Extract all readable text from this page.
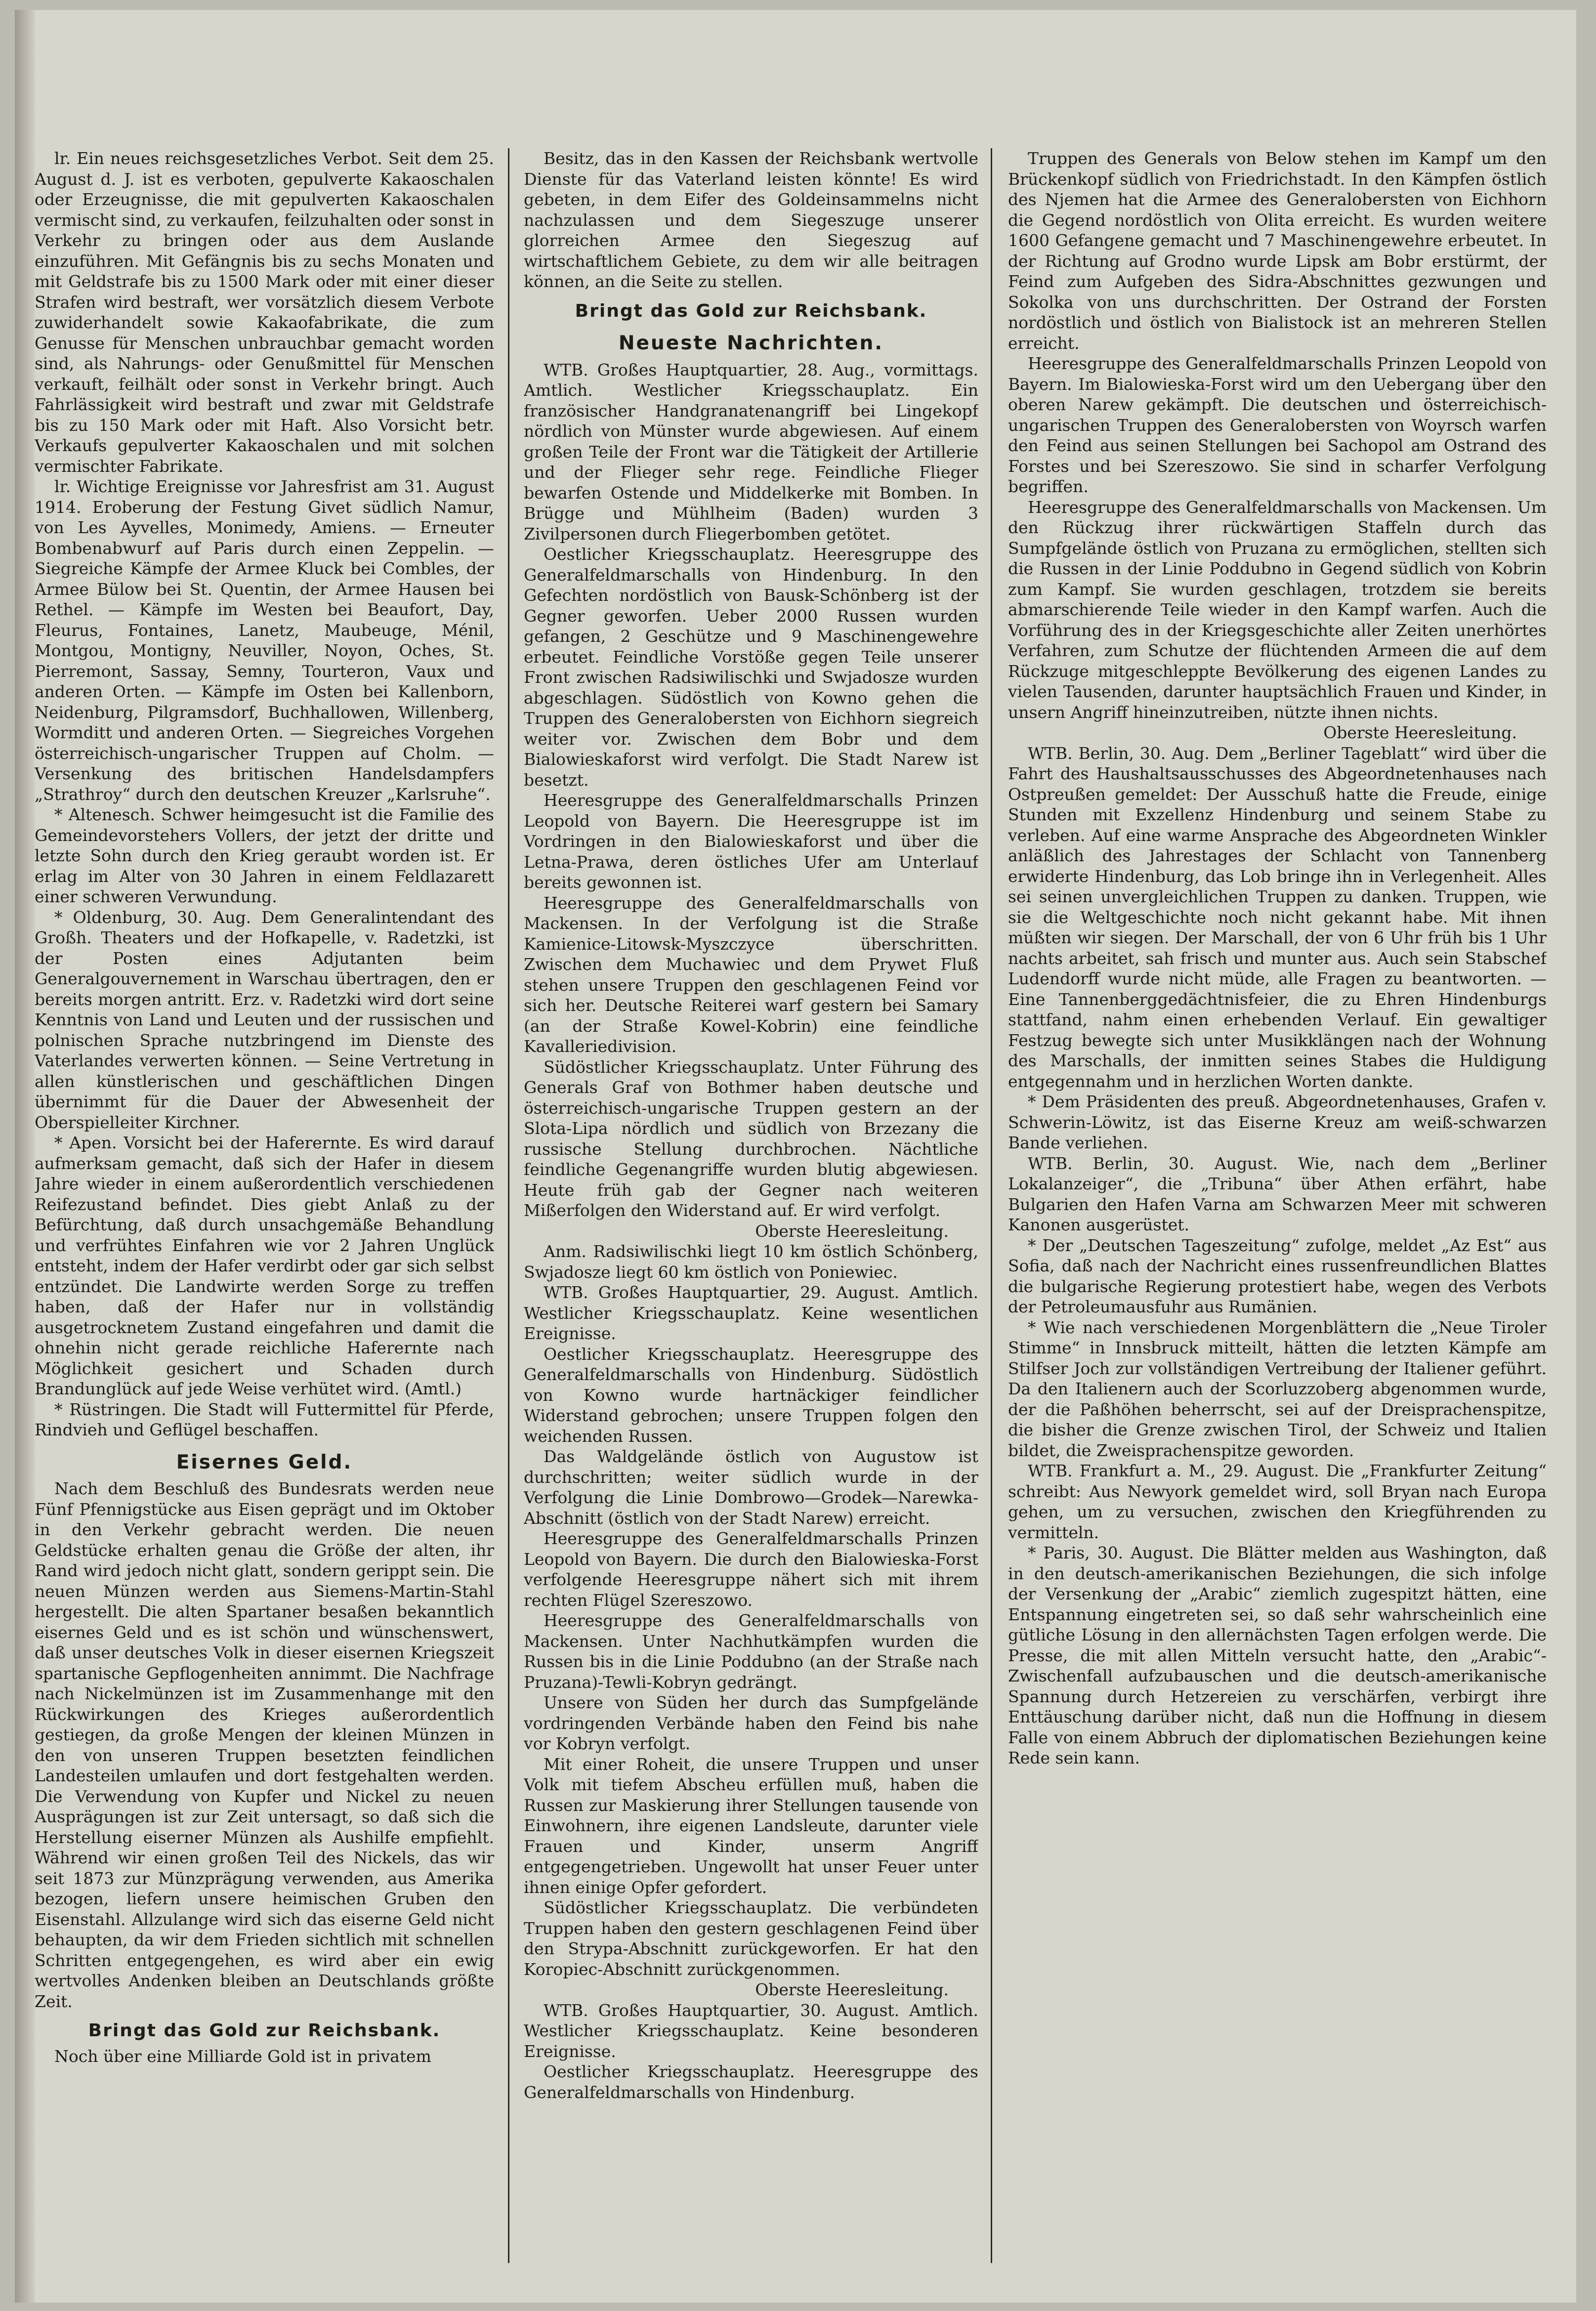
lr. Ein neues reichsgesetzliches Verbot. Seit dem 25. August d. J. ist es verboten, gepulverte Kakaoschalen oder Erzeugnisse, die mit gepulverten Kakaoschalen vermischt sind, zu verkaufen, feilzuhalten oder sonst in Verkehr zu bringen oder aus dem Auslande einzuführen. Mit Gefängnis bis zu sechs Monaten und mit Geldstrafe bis zu 1500 Mark oder mit einer dieser Strafen wird bestraft, wer vorsätzlich diesem Verbote zuwiderhandelt sowie Kakaofabrikate, die zum Genusse für Menschen unbrauchbar gemacht worden sind, als Nahrungs- oder Genußmittel für Menschen verkauft, feilhält oder sonst in Verkehr bringt. Auch Fahrlässigkeit wird bestraft und zwar mit Geldstrafe bis zu 150 Mark oder mit Haft. Also Vorsicht betr. Verkaufs gepulverter Kakaoschalen und mit solchen vermischter Fabrikate.

lr. Wichtige Ereignisse vor Jahresfrist am 31. August 1914. Eroberung der Festung Givet südlich Namur, von Les Ayvelles, Monimedy, Amiens. — Erneuter Bombenabwurf auf Paris durch einen Zeppelin. — Siegreiche Kämpfe der Armee Kluck bei Combles, der Armee Bülow bei St. Quentin, der Armee Hausen bei Rethel. — Kämpfe im Westen bei Beaufort, Day, Fleurus, Fontaines, Lanetz, Maubeuge, Ménil, Montgou, Montigny, Neuviller, Noyon, Oches, St. Pierremont, Sassay, Semny, Tourteron, Vaux und anderen Orten. — Kämpfe im Osten bei Kallenborn, Neidenburg, Pilgramsdorf, Buchhallowen, Willenberg, Wormditt und anderen Orten. — Siegreiches Vorgehen österreichisch-ungarischer Truppen auf Cholm. — Versenkung des britischen Handelsdampfers „Strathroy“ durch den deutschen Kreuzer „Karlsruhe“.

* Altenesch. Schwer heimgesucht ist die Familie des Gemeindevorstehers Vollers, der jetzt der dritte und letzte Sohn durch den Krieg geraubt worden ist. Er erlag im Alter von 30 Jahren in einem Feldlazarett einer schweren Verwundung.

* Oldenburg, 30. Aug. Dem Generalintendant des Großh. Theaters und der Hofkapelle, v. Radetzki, ist der Posten eines Adjutanten beim Generalgouvernement in Warschau übertragen, den er bereits morgen antritt. Erz. v. Radetzki wird dort seine Kenntnis von Land und Leuten und der russischen und polnischen Sprache nutzbringend im Dienste des Vaterlandes verwerten können. — Seine Vertretung in allen künstlerischen und geschäftlichen Dingen übernimmt für die Dauer der Abwesenheit der Oberspielleiter Kirchner.

* Apen. Vorsicht bei der Haferernte. Es wird darauf aufmerksam gemacht, daß sich der Hafer in diesem Jahre wieder in einem außerordentlich verschiedenen Reifezustand befindet. Dies giebt Anlaß zu der Befürchtung, daß durch unsachgemäße Behandlung und verfrühtes Einfahren wie vor 2 Jahren Unglück entsteht, indem der Hafer verdirbt oder gar sich selbst entzündet. Die Landwirte werden Sorge zu treffen haben, daß der Hafer nur in vollständig ausgetrocknetem Zustand eingefahren und damit die ohnehin nicht gerade reichliche Haferernte nach Möglichkeit gesichert und Schaden durch Brandunglück auf jede Weise verhütet wird. (Amtl.)

* Rüstringen. Die Stadt will Futtermittel für Pferde, Rindvieh und Geflügel beschaffen.

Eisernes Geld.

Nach dem Beschluß des Bundesrats werden neue Fünf Pfennigstücke aus Eisen geprägt und im Oktober in den Verkehr gebracht werden. Die neuen Geldstücke erhalten genau die Größe der alten, ihr Rand wird jedoch nicht glatt, sondern gerippt sein. Die neuen Münzen werden aus Siemens-Martin-Stahl hergestellt. Die alten Spartaner besaßen bekanntlich eisernes Geld und es ist schön und wünschenswert, daß unser deutsches Volk in dieser eisernen Kriegszeit spartanische Gepflogenheiten annimmt. Die Nachfrage nach Nickelmünzen ist im Zusammenhange mit den Rückwirkungen des Krieges außerordentlich gestiegen, da große Mengen der kleinen Münzen in den von unseren Truppen besetzten feindlichen Landesteilen umlaufen und dort festgehalten werden. Die Verwendung von Kupfer und Nickel zu neuen Ausprägungen ist zur Zeit untersagt, so daß sich die Herstellung eiserner Münzen als Aushilfe empfiehlt. Während wir einen großen Teil des Nickels, das wir seit 1873 zur Münzprägung verwenden, aus Amerika bezogen, liefern unsere heimischen Gruben den Eisenstahl. Allzulange wird sich das eiserne Geld nicht behaupten, da wir dem Frieden sichtlich mit schnellen Schritten entgegengehen, es wird aber ein ewig wertvolles Andenken bleiben an Deutschlands größte Zeit.

Bringt das Gold zur Reichsbank.

Noch über eine Milliarde Gold ist in privatem

Besitz, das in den Kassen der Reichsbank wertvolle Dienste für das Vaterland leisten könnte! Es wird gebeten, in dem Eifer des Goldeinsammelns nicht nachzulassen und dem Siegeszuge unserer glorreichen Armee den Siegeszug auf wirtschaftlichem Gebiete, zu dem wir alle beitragen können, an die Seite zu stellen.

Bringt das Gold zur Reichsbank.
Neueste Nachrichten.

WTB. Großes Hauptquartier, 28. Aug., vormittags. Amtlich. Westlicher Kriegsschauplatz. Ein französischer Handgranatenangriff bei Lingekopf nördlich von Münster wurde abgewiesen. Auf einem großen Teile der Front war die Tätigkeit der Artillerie und der Flieger sehr rege. Feindliche Flieger bewarfen Ostende und Middelkerke mit Bomben. In Brügge und Mühlheim (Baden) wurden 3 Zivilpersonen durch Fliegerbomben getötet.

Oestlicher Kriegsschauplatz. Heeresgruppe des Generalfeldmarschalls von Hindenburg. In den Gefechten nordöstlich von Bausk-Schönberg ist der Gegner geworfen. Ueber 2000 Russen wurden gefangen, 2 Geschütze und 9 Maschinengewehre erbeutet. Feindliche Vorstöße gegen Teile unserer Front zwischen Radsiwilischki und Swjadosze wurden abgeschlagen. Südöstlich von Kowno gehen die Truppen des Generalobersten von Eichhorn siegreich weiter vor. Zwischen dem Bobr und dem Bialowieskaforst wird verfolgt. Die Stadt Narew ist besetzt.

Heeresgruppe des Generalfeldmarschalls Prinzen Leopold von Bayern. Die Heeresgruppe ist im Vordringen in den Bialowieskaforst und über die Letna-Prawa, deren östliches Ufer am Unterlauf bereits gewonnen ist.

Heeresgruppe des Generalfeldmarschalls von Mackensen. In der Verfolgung ist die Straße Kamienice-Litowsk-Myszczyce überschritten. Zwischen dem Muchawiec und dem Prywet Fluß stehen unsere Truppen den geschlagenen Feind vor sich her. Deutsche Reiterei warf gestern bei Samary (an der Straße Kowel-Kobrin) eine feindliche Kavalleriedivision.

Südöstlicher Kriegsschauplatz. Unter Führung des Generals Graf von Bothmer haben deutsche und österreichisch-ungarische Truppen gestern an der Slota-Lipa nördlich und südlich von Brzezany die russische Stellung durchbrochen. Nächtliche feindliche Gegenangriffe wurden blutig abgewiesen. Heute früh gab der Gegner nach weiteren Mißerfolgen den Widerstand auf. Er wird verfolgt.

Oberste Heeresleitung.

Anm. Radsiwilischki liegt 10 km östlich Schönberg, Swjadosze liegt 60 km östlich von Poniewiec.

WTB. Großes Hauptquartier, 29. August. Amtlich. Westlicher Kriegsschauplatz. Keine wesentlichen Ereignisse.

Oestlicher Kriegsschauplatz. Heeresgruppe des Generalfeldmarschalls von Hindenburg. Südöstlich von Kowno wurde hartnäckiger feindlicher Widerstand gebrochen; unsere Truppen folgen den weichenden Russen.

Das Waldgelände östlich von Augustow ist durchschritten; weiter südlich wurde in der Verfolgung die Linie Dombrowo—Grodek—Narewka-Abschnitt (östlich von der Stadt Narew) erreicht.

Heeresgruppe des Generalfeldmarschalls Prinzen Leopold von Bayern. Die durch den Bialowieska-Forst verfolgende Heeresgruppe nähert sich mit ihrem rechten Flügel Szereszowo.

Heeresgruppe des Generalfeldmarschalls von Mackensen. Unter Nachhutkämpfen wurden die Russen bis in die Linie Poddubno (an der Straße nach Pruzana)-Tewli-Kobryn gedrängt.

Unsere von Süden her durch das Sumpfgelände vordringenden Verbände haben den Feind bis nahe vor Kobryn verfolgt.

Mit einer Roheit, die unsere Truppen und unser Volk mit tiefem Abscheu erfüllen muß, haben die Russen zur Maskierung ihrer Stellungen tausende von Einwohnern, ihre eigenen Landsleute, darunter viele Frauen und Kinder, unserm Angriff entgegengetrieben. Ungewollt hat unser Feuer unter ihnen einige Opfer gefordert.

Südöstlicher Kriegsschauplatz. Die verbündeten Truppen haben den gestern geschlagenen Feind über den Strypa-Abschnitt zurückgeworfen. Er hat den Koropiec-Abschnitt zurückgenommen.

Oberste Heeresleitung.

WTB. Großes Hauptquartier, 30. August. Amtlich. Westlicher Kriegsschauplatz. Keine besonderen Ereignisse.

Oestlicher Kriegsschauplatz. Heeresgruppe des Generalfeldmarschalls von Hindenburg.

Truppen des Generals von Below stehen im Kampf um den Brückenkopf südlich von Friedrichstadt. In den Kämpfen östlich des Njemen hat die Armee des Generalobersten von Eichhorn die Gegend nordöstlich von Olita erreicht. Es wurden weitere 1600 Gefangene gemacht und 7 Maschinengewehre erbeutet. In der Richtung auf Grodno wurde Lipsk am Bobr erstürmt, der Feind zum Aufgeben des Sidra-Abschnittes gezwungen und Sokolka von uns durchschritten. Der Ostrand der Forsten nordöstlich und östlich von Bialistock ist an mehreren Stellen erreicht.

Heeresgruppe des Generalfeldmarschalls Prinzen Leopold von Bayern. Im Bialowieska-Forst wird um den Uebergang über den oberen Narew gekämpft. Die deutschen und österreichisch-ungarischen Truppen des Generalobersten von Woyrsch warfen den Feind aus seinen Stellungen bei Sachopol am Ostrand des Forstes und bei Szereszowo. Sie sind in scharfer Verfolgung begriffen.

Heeresgruppe des Generalfeldmarschalls von Mackensen. Um den Rückzug ihrer rückwärtigen Staffeln durch das Sumpfgelände östlich von Pruzana zu ermöglichen, stellten sich die Russen in der Linie Poddubno in Gegend südlich von Kobrin zum Kampf. Sie wurden geschlagen, trotzdem sie bereits abmarschierende Teile wieder in den Kampf warfen. Auch die Vorführung des in der Kriegsgeschichte aller Zeiten unerhörtes Verfahren, zum Schutze der flüchtenden Armeen die auf dem Rückzuge mitgeschleppte Bevölkerung des eigenen Landes zu vielen Tausenden, darunter hauptsächlich Frauen und Kinder, in unsern Angriff hineinzutreiben, nützte ihnen nichts.

Oberste Heeresleitung.

WTB. Berlin, 30. Aug. Dem „Berliner Tageblatt“ wird über die Fahrt des Haushaltsausschusses des Abgeordnetenhauses nach Ostpreußen gemeldet: Der Ausschuß hatte die Freude, einige Stunden mit Exzellenz Hindenburg und seinem Stabe zu verleben. Auf eine warme Ansprache des Abgeordneten Winkler anläßlich des Jahrestages der Schlacht von Tannenberg erwiderte Hindenburg, das Lob bringe ihn in Verlegenheit. Alles sei seinen unvergleichlichen Truppen zu danken. Truppen, wie sie die Weltgeschichte noch nicht gekannt habe. Mit ihnen müßten wir siegen. Der Marschall, der von 6 Uhr früh bis 1 Uhr nachts arbeitet, sah frisch und munter aus. Auch sein Stabschef Ludendorff wurde nicht müde, alle Fragen zu beantworten. — Eine Tannenberggedächtnisfeier, die zu Ehren Hindenburgs stattfand, nahm einen erhebenden Verlauf. Ein gewaltiger Festzug bewegte sich unter Musikklängen nach der Wohnung des Marschalls, der inmitten seines Stabes die Huldigung entgegennahm und in herzlichen Worten dankte.

* Dem Präsidenten des preuß. Abgeordnetenhauses, Grafen v. Schwerin-Löwitz, ist das Eiserne Kreuz am weiß-schwarzen Bande verliehen.

WTB. Berlin, 30. August. Wie, nach dem „Berliner Lokalanzeiger“, die „Tribuna“ über Athen erfährt, habe Bulgarien den Hafen Varna am Schwarzen Meer mit schweren Kanonen ausgerüstet.

* Der „Deutschen Tageszeitung“ zufolge, meldet „Az Est“ aus Sofia, daß nach der Nachricht eines russenfreundlichen Blattes die bulgarische Regierung protestiert habe, wegen des Verbots der Petroleumausfuhr aus Rumänien.

* Wie nach verschiedenen Morgenblättern die „Neue Tiroler Stimme“ in Innsbruck mitteilt, hätten die letzten Kämpfe am Stilfser Joch zur vollständigen Vertreibung der Italiener geführt. Da den Italienern auch der Scorluzzoberg abgenommen wurde, der die Paßhöhen beherrscht, sei auf der Dreisprachenspitze, die bisher die Grenze zwischen Tirol, der Schweiz und Italien bildet, die Zweisprachenspitze geworden.

WTB. Frankfurt a. M., 29. August. Die „Frankfurter Zeitung“ schreibt: Aus Newyork gemeldet wird, soll Bryan nach Europa gehen, um zu versuchen, zwischen den Kriegführenden zu vermitteln.

* Paris, 30. August. Die Blätter melden aus Washington, daß in den deutsch-amerikanischen Beziehungen, die sich infolge der Versenkung der „Arabic“ ziemlich zugespitzt hätten, eine Entspannung eingetreten sei, so daß sehr wahrscheinlich eine gütliche Lösung in den allernächsten Tagen erfolgen werde. Die Presse, die mit allen Mitteln versucht hatte, den „Arabic“-Zwischenfall aufzubauschen und die deutsch-amerikanische Spannung durch Hetzereien zu verschärfen, verbirgt ihre Enttäuschung darüber nicht, daß nun die Hoffnung in diesem Falle von einem Abbruch der diplomatischen Beziehungen keine Rede sein kann.
